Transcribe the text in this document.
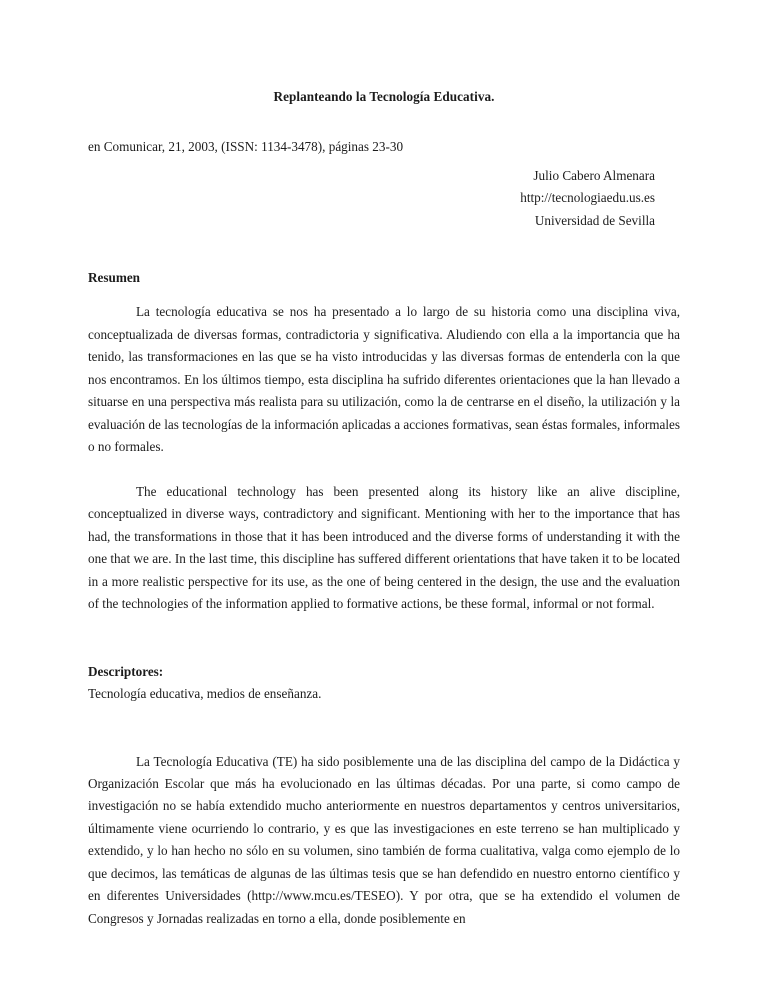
Replanteando la Tecnología Educativa.

en Comunicar, 21, 2003, (ISSN: 1134-3478), páginas 23-30

Julio Cabero Almenara
http://tecnologiaedu.us.es
Universidad de Sevilla

Resumen

La tecnología educativa se nos ha presentado a lo largo de su historia como una disciplina viva, conceptualizada de diversas formas, contradictoria y significativa. Aludiendo con ella a la importancia que ha tenido, las transformaciones en las que se ha visto introducidas y las diversas formas de entenderla con la que nos encontramos. En los últimos tiempo, esta disciplina ha sufrido diferentes orientaciones que la han llevado a situarse en una perspectiva más realista para su utilización, como la de centrarse en el diseño, la utilización y la evaluación de las tecnologías de la información aplicadas a acciones formativas, sean éstas formales, informales o no formales.

The educational technology has been presented along its history like an alive discipline, conceptualized in diverse ways, contradictory and significant. Mentioning with her to the importance that has had, the transformations in those that it has been introduced and the diverse forms of understanding it with the one that we are. In the last time, this discipline has suffered different orientations that have taken it to be located in a more realistic perspective for its use, as the one of being centered in the design, the use and the evaluation of the technologies of the information applied to formative actions, be these formal, informal or not formal.

Descriptores:

Tecnología educativa, medios de enseñanza.

La Tecnología Educativa (TE) ha sido posiblemente una de las disciplina del campo de la Didáctica y Organización Escolar que más ha evolucionado en las últimas décadas. Por una parte, si como campo de investigación no se había extendido mucho anteriormente en nuestros departamentos y centros universitarios, últimamente viene ocurriendo lo contrario, y es que las investigaciones en este terreno se han multiplicado y extendido, y lo han hecho no sólo en su volumen, sino también de forma cualitativa, valga como ejemplo de lo que decimos, las temáticas de algunas de las últimas tesis que se han defendido en nuestro entorno científico y en diferentes Universidades (http://www.mcu.es/TESEO). Y por otra, que se ha extendido el volumen de Congresos y Jornadas realizadas en torno a ella, donde posiblemente en
